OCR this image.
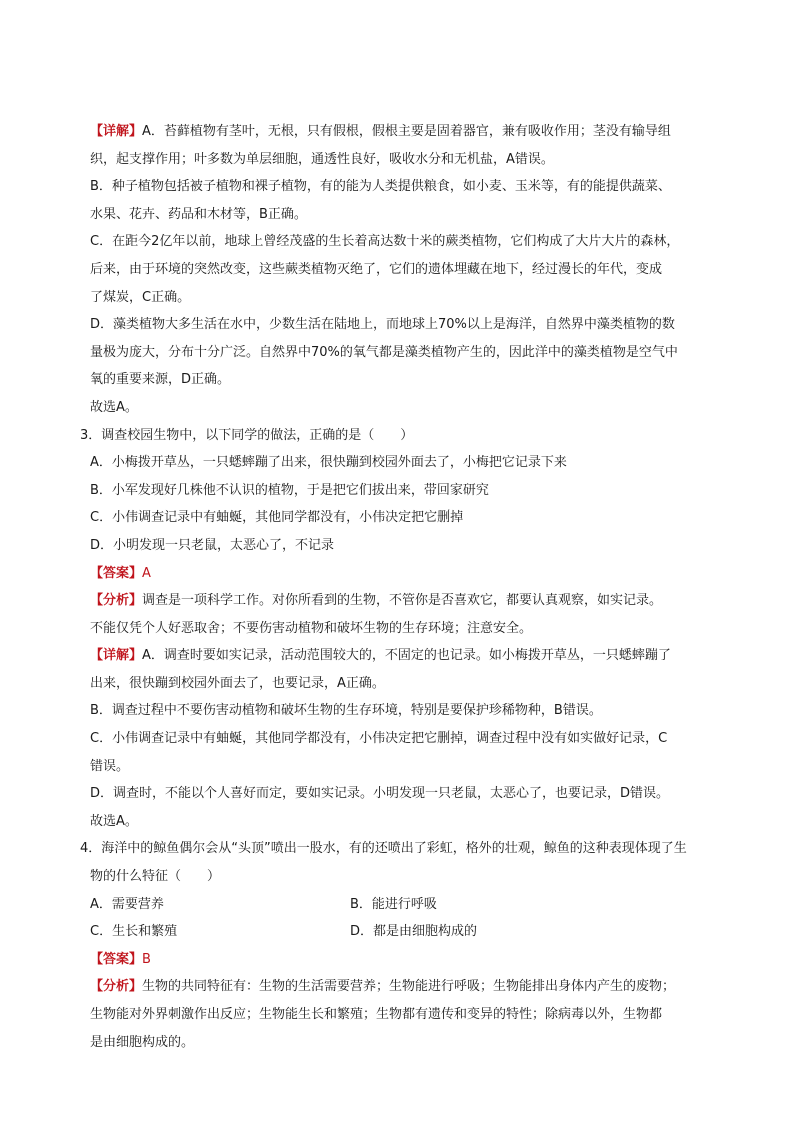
【详解】A．苔藓植物有茎叶，无根，只有假根，假根主要是固着器官，兼有吸收作用；茎没有输导组
织，起支撑作用；叶多数为单层细胞，通透性良好，吸收水分和无机盐，A错误。
B．种子植物包括被子植物和裸子植物，有的能为人类提供粮食，如小麦、玉米等，有的能提供蔬菜、
水果、花卉、药品和木材等，B正确。
C．在距今2亿年以前，地球上曾经茂盛的生长着高达数十米的蕨类植物，它们构成了大片大片的森林，
后来，由于环境的突然改变，这些蕨类植物灭绝了，它们的遗体埋藏在地下，经过漫长的年代，变成
了煤炭，C正确。
D．藻类植物大多生活在水中，少数生活在陆地上，而地球上70%以上是海洋，自然界中藻类植物的数
量极为庞大，分布十分广泛。自然界中70%的氧气都是藻类植物产生的，因此洋中的藻类植物是空气中
氧的重要来源，D正确。
故选A。
3．调查校园生物中，以下同学的做法，正确的是（　　）
A．小梅拨开草丛，一只蟋蟀蹦了出来，很快蹦到校园外面去了，小梅把它记录下来
B．小军发现好几株他不认识的植物，于是把它们拔出来，带回家研究
C．小伟调查记录中有蚰蜒，其他同学都没有，小伟决定把它删掉
D．小明发现一只老鼠，太恶心了，不记录
【答案】A
【分析】调查是一项科学工作。对你所看到的生物，不管你是否喜欢它，都要认真观察，如实记录。
不能仅凭个人好恶取舍；不要伤害动植物和破坏生物的生存环境；注意安全。
【详解】A．调查时要如实记录，活动范围较大的，不固定的也记录。如小梅拨开草丛，一只蟋蟀蹦了
出来，很快蹦到校园外面去了，也要记录，A正确。
B．调查过程中不要伤害动植物和破坏生物的生存环境，特别是要保护珍稀物种，B错误。
C．小伟调查记录中有蚰蜒，其他同学都没有，小伟决定把它删掉，调查过程中没有如实做好记录，C
错误。
D．调查时，不能以个人喜好而定，要如实记录。小明发现一只老鼠，太恶心了，也要记录，D错误。
故选A。
4．海洋中的鲸鱼偶尔会从“头顶”喷出一股水，有的还喷出了彩虹，格外的壮观，鲸鱼的这种表现体现了生
物的什么特征（　　）
A．需要营养	B．能进行呼吸
C．生长和繁殖	D．都是由细胞构成的
【答案】B
【分析】生物的共同特征有：生物的生活需要营养；生物能进行呼吸；生物能排出身体内产生的废物；
生物能对外界刺激作出反应；生物能生长和繁殖；生物都有遗传和变异的特性；除病毒以外，生物都
是由细胞构成的。
